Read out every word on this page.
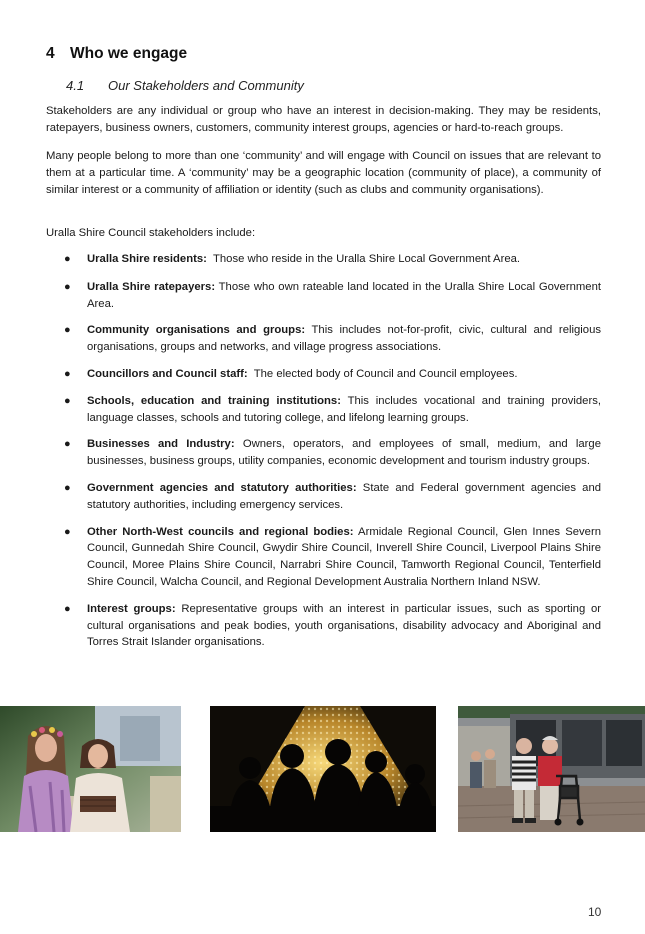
4 Who we engage
4.1 Our Stakeholders and Community
Stakeholders are any individual or group who have an interest in decision-making. They may be residents, ratepayers, business owners, customers, community interest groups, agencies or hard-to-reach groups.
Many people belong to more than one ‘community’ and will engage with Council on issues that are relevant to them at a particular time. A ‘community’ may be a geographic location (community of place), a community of similar interest or a community of affiliation or identity (such as clubs and community organisations).
Uralla Shire Council stakeholders include:
● Uralla Shire residents: Those who reside in the Uralla Shire Local Government Area.
● Uralla Shire ratepayers: Those who own rateable land located in the Uralla Shire Local Government Area.
● Community organisations and groups: This includes not-for-profit, civic, cultural and religious organisations, groups and networks, and village progress associations.
● Councillors and Council staff: The elected body of Council and Council employees.
● Schools, education and training institutions: This includes vocational and training providers, language classes, schools and tutoring college, and lifelong learning groups.
● Businesses and Industry: Owners, operators, and employees of small, medium, and large businesses, business groups, utility companies, economic development and tourism industry groups.
● Government agencies and statutory authorities: State and Federal government agencies and statutory authorities, including emergency services.
● Other North-West councils and regional bodies: Armidale Regional Council, Glen Innes Severn Council, Gunnedah Shire Council, Gwydir Shire Council, Inverell Shire Council, Liverpool Plains Shire Council, Moree Plains Shire Council, Narrabri Shire Council, Tamworth Regional Council, Tenterfield Shire Council, Walcha Council, and Regional Development Australia Northern Inland NSW.
● Interest groups: Representative groups with an interest in particular issues, such as sporting or cultural organisations and peak bodies, youth organisations, disability advocacy and Aboriginal and Torres Strait Islander organisations.
10
